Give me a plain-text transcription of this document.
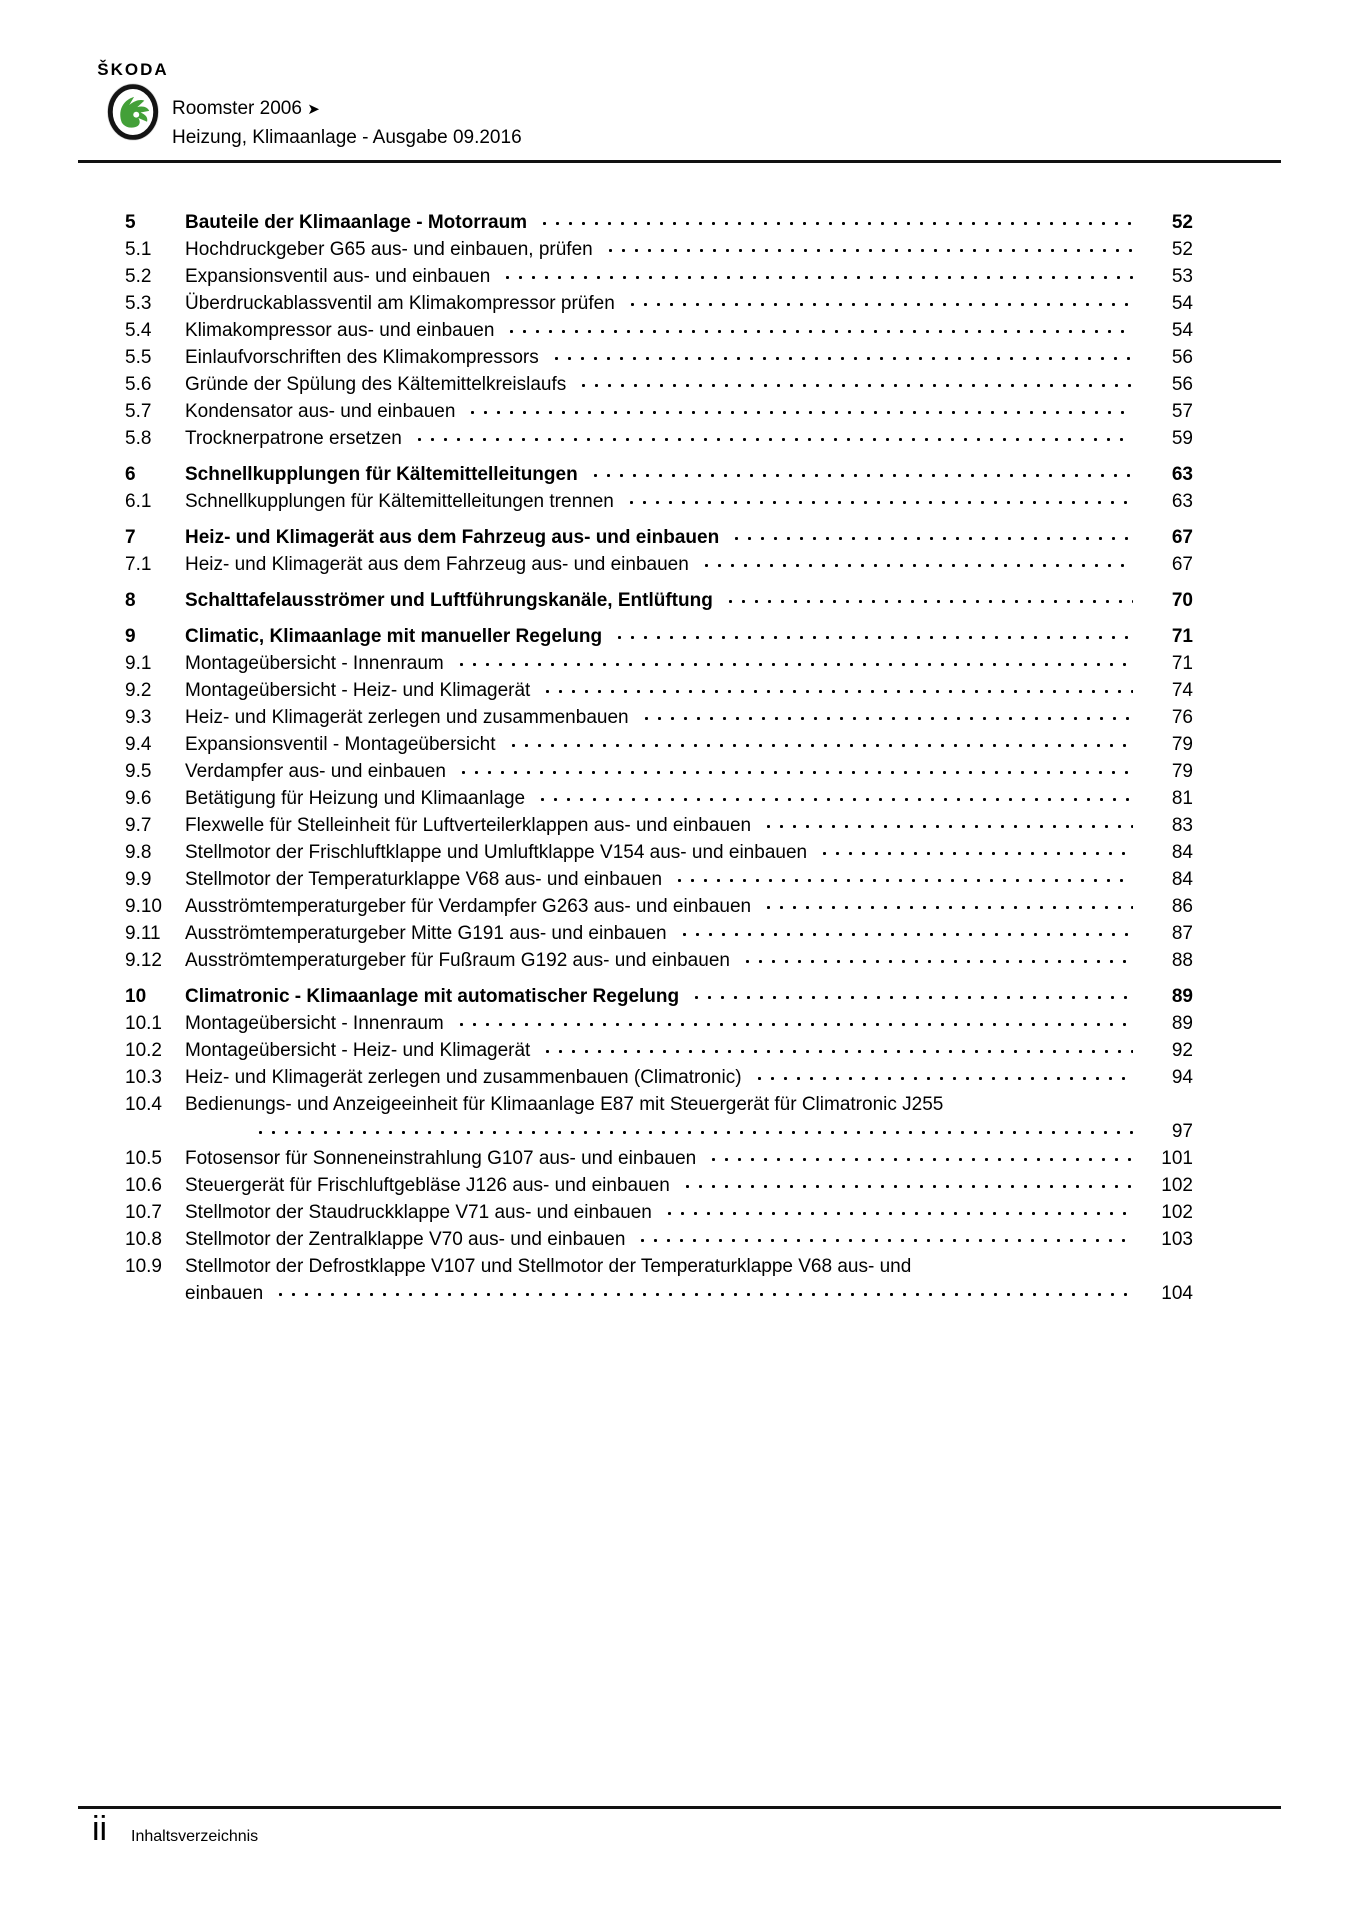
ŠKODA
Roomster 2006 ➤
Heizung, Klimaanlage - Ausgabe 09.2016
5	Bauteile der Klimaanlage - Motorraum	52
5.1	Hochdruckgeber G65 aus- und einbauen, prüfen	52
5.2	Expansionsventil aus- und einbauen	53
5.3	Überdruckablassventil am Klimakompressor prüfen	54
5.4	Klimakompressor aus- und einbauen	54
5.5	Einlaufvorschriften des Klimakompressors	56
5.6	Gründe der Spülung des Kältemittelkreislaufs	56
5.7	Kondensator aus- und einbauen	57
5.8	Trocknerpatrone ersetzen	59
6	Schnellkupplungen für Kältemittelleitungen	63
6.1	Schnellkupplungen für Kältemittelleitungen trennen	63
7	Heiz- und Klimagerät aus dem Fahrzeug aus- und einbauen	67
7.1	Heiz- und Klimagerät aus dem Fahrzeug aus- und einbauen	67
8	Schalttafelausströmer und Luftführungskanäle, Entlüftung	70
9	Climatic, Klimaanlage mit manueller Regelung	71
9.1	Montageübersicht - Innenraum	71
9.2	Montageübersicht - Heiz- und Klimagerät	74
9.3	Heiz- und Klimagerät zerlegen und zusammenbauen	76
9.4	Expansionsventil - Montageübersicht	79
9.5	Verdampfer aus- und einbauen	79
9.6	Betätigung für Heizung und Klimaanlage	81
9.7	Flexwelle für Stelleinheit für Luftverteilerklappen aus- und einbauen	83
9.8	Stellmotor der Frischluftklappe und Umluftklappe V154 aus- und einbauen	84
9.9	Stellmotor der Temperaturklappe V68 aus- und einbauen	84
9.10	Ausströmtemperaturgeber für Verdampfer G263 aus- und einbauen	86
9.11	Ausströmtemperaturgeber Mitte G191 aus- und einbauen	87
9.12	Ausströmtemperaturgeber für Fußraum G192 aus- und einbauen	88
10	Climatronic - Klimaanlage mit automatischer Regelung	89
10.1	Montageübersicht - Innenraum	89
10.2	Montageübersicht - Heiz- und Klimagerät	92
10.3	Heiz- und Klimagerät zerlegen und zusammenbauen (Climatronic)	94
10.4	Bedienungs- und Anzeigeeinheit für Klimaanlage E87 mit Steuergerät für Climatronic J255
97
10.5	Fotosensor für Sonneneinstrahlung G107 aus- und einbauen	101
10.6	Steuergerät für Frischluftgebläse J126 aus- und einbauen	102
10.7	Stellmotor der Staudruckklappe V71 aus- und einbauen	102
10.8	Stellmotor der Zentralklappe V70 aus- und einbauen	103
10.9	Stellmotor der Defrostklappe V107 und Stellmotor der Temperaturklappe V68 aus- und
einbauen	104
ii Inhaltsverzeichnis
